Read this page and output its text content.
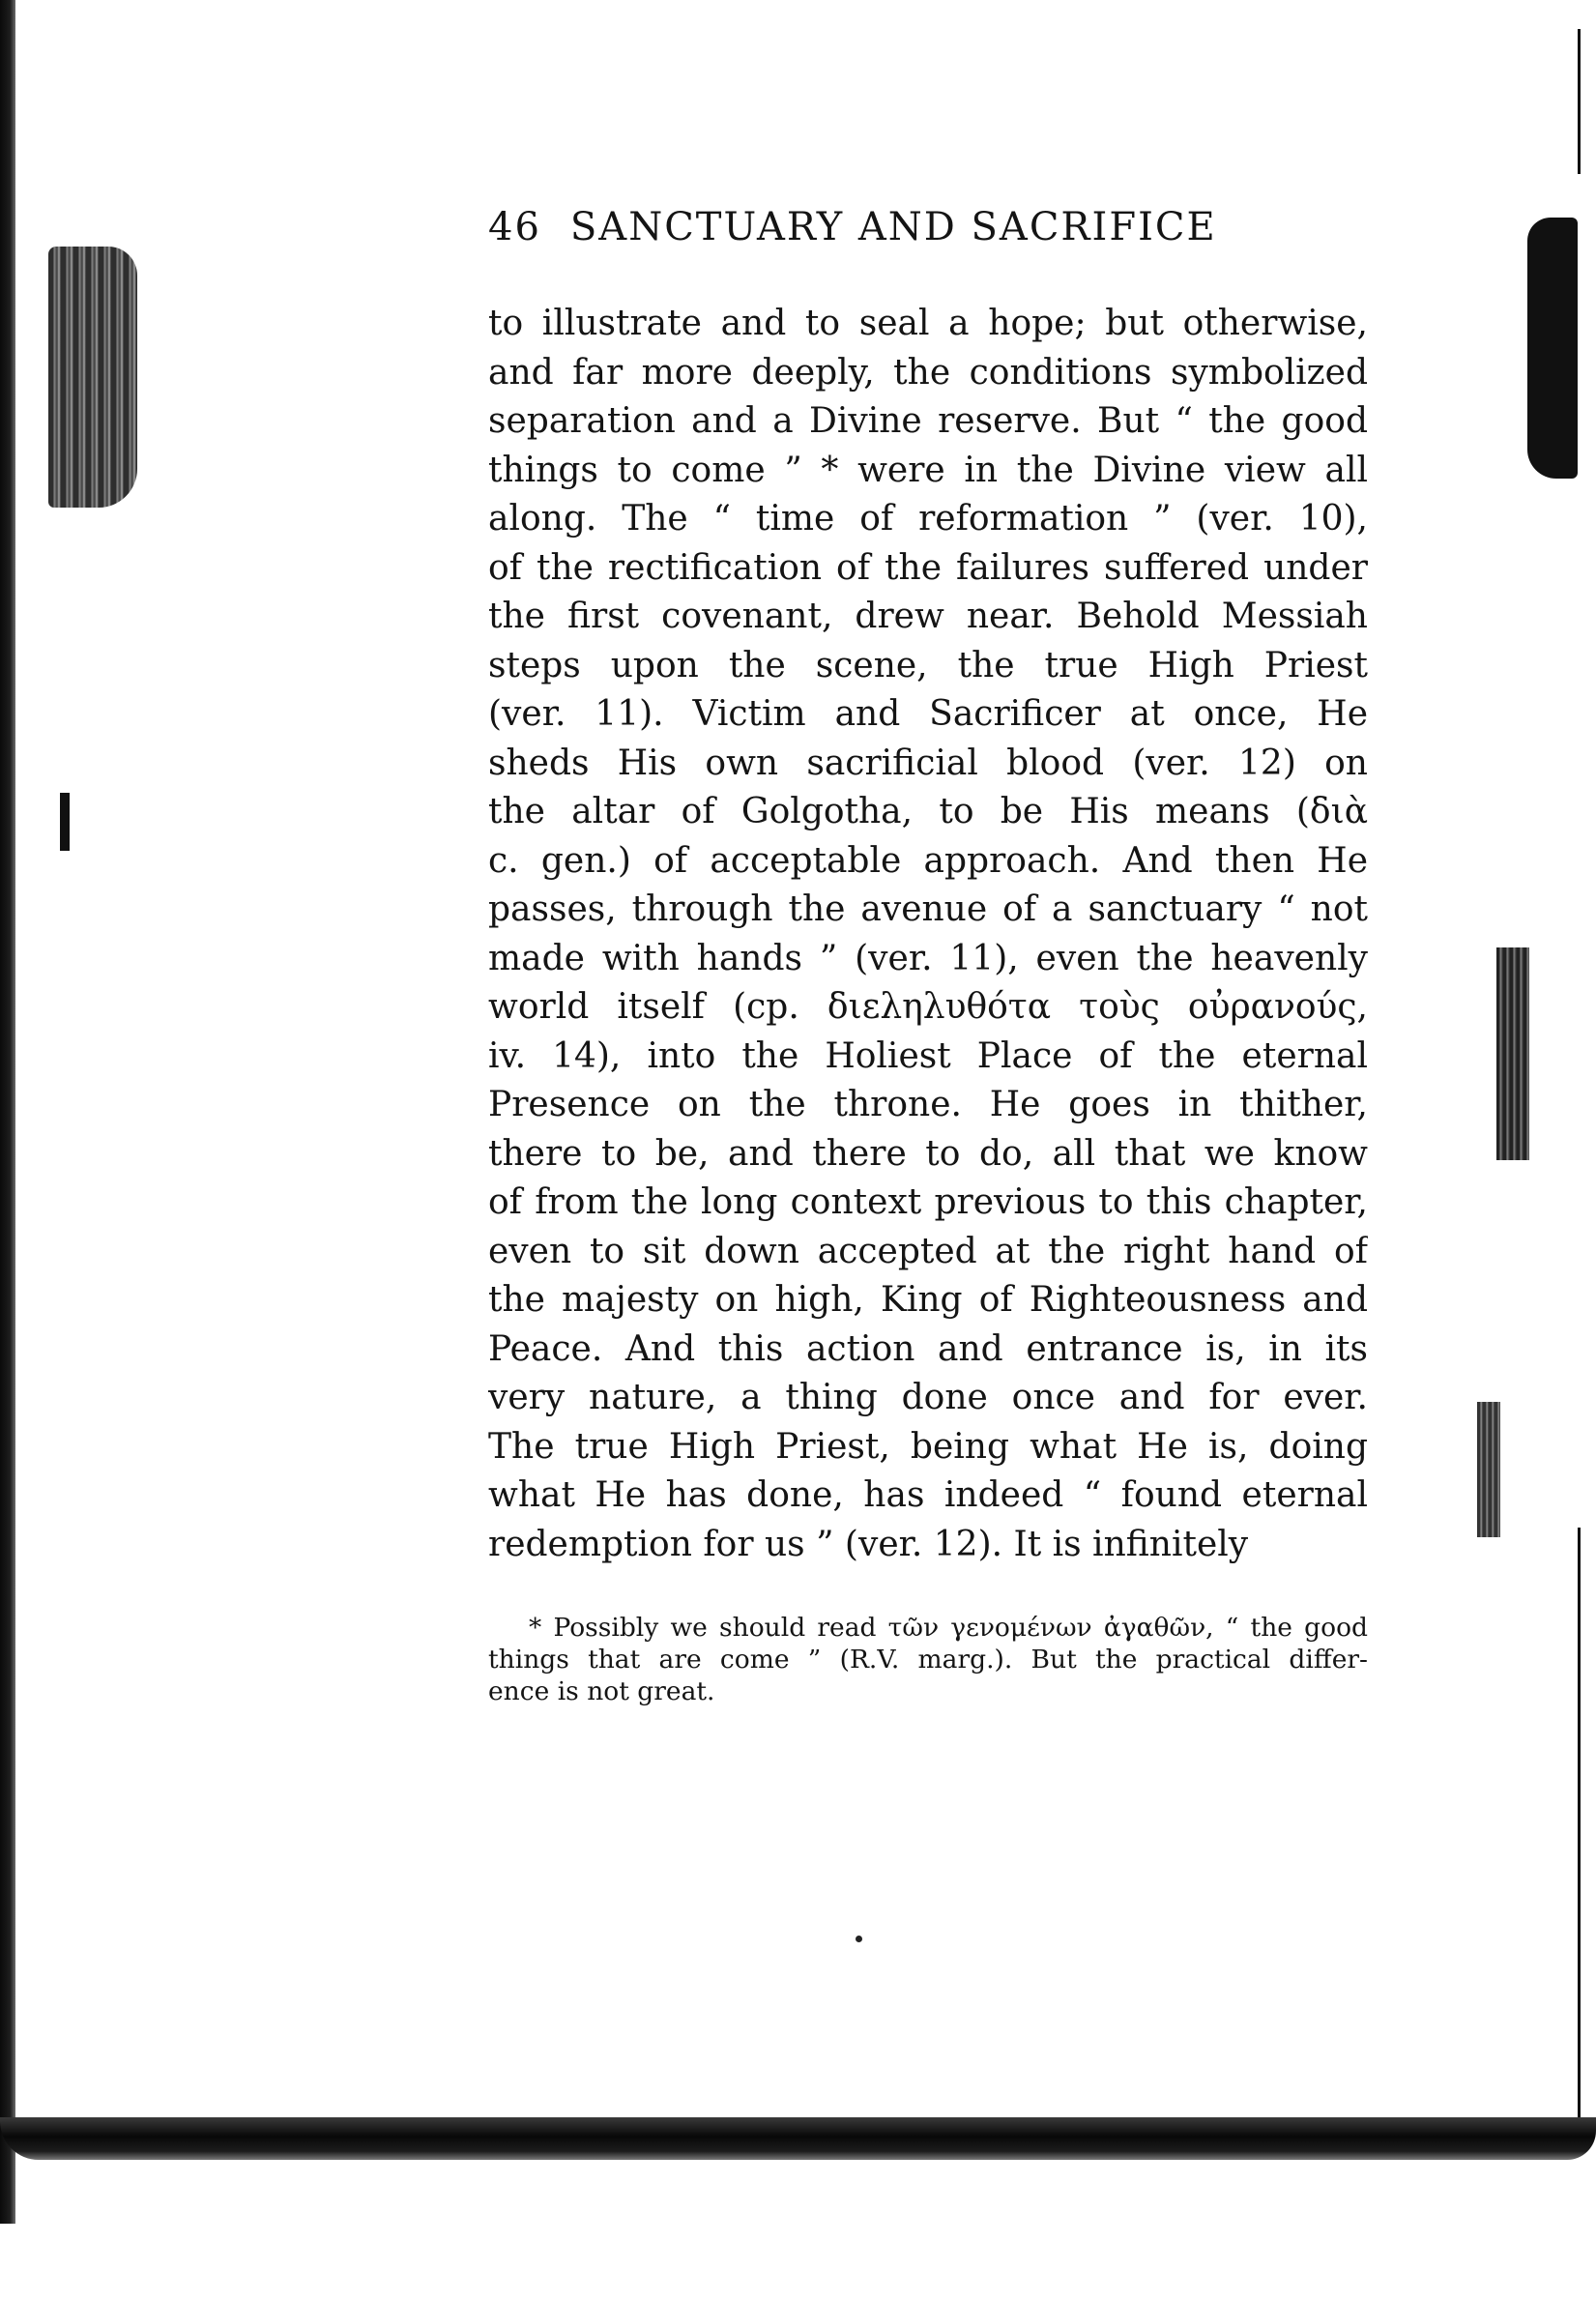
46 SANCTUARY AND SACRIFICE
to illustrate and to seal a hope; but otherwise,
and far more deeply, the conditions symbolized
separation and a Divine reserve. But “ the good
things to come ” * were in the Divine view all
along. The “ time of reformation ” (ver. 10),
of the rectification of the failures suffered under
the first covenant, drew near. Behold Messiah
steps upon the scene, the true High Priest
(ver. 11). Victim and Sacrificer at once, He
sheds His own sacrificial blood (ver. 12) on
the altar of Golgotha, to be His means (διὰ
c. gen.) of acceptable approach. And then He
passes, through the avenue of a sanctuary “ not
made with hands ” (ver. 11), even the heavenly
world itself (cp. διεληλυθότα τοὺς οὐρανούς,
iv. 14), into the Holiest Place of the eternal
Presence on the throne. He goes in thither,
there to be, and there to do, all that we know
of from the long context previous to this chapter,
even to sit down accepted at the right hand of
the majesty on high, King of Righteousness and
Peace. And this action and entrance is, in its
very nature, a thing done once and for ever.
The true High Priest, being what He is, doing
what He has done, has indeed “ found eternal
redemption for us ” (ver. 12). It is infinitely
* Possibly we should read τῶν γενομένων ἀγαθῶν, “ the good
things that are come ” (R.V. marg.). But the practical differ-
ence is not great.
